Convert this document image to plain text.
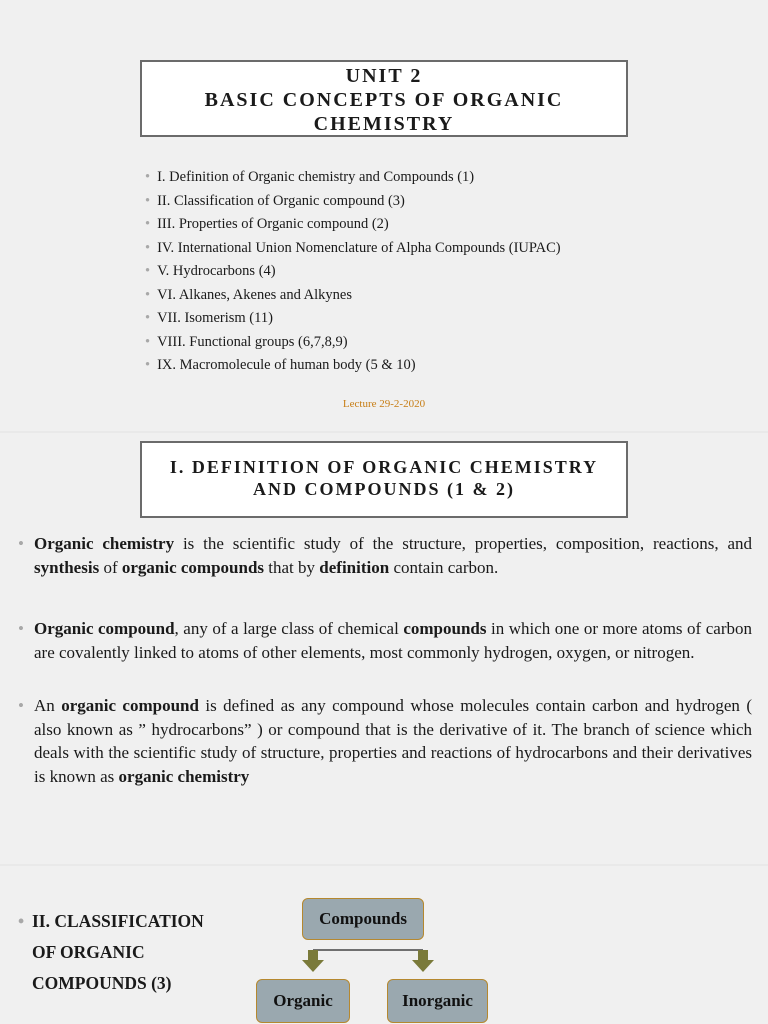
UNIT 2
BASIC CONCEPTS OF ORGANIC
CHEMISTRY
• I. Definition of Organic chemistry and Compounds (1)
• II. Classification of Organic compound (3)
• III. Properties of Organic compound (2)
• IV. International Union Nomenclature of Alpha Compounds (IUPAC)
• V. Hydrocarbons (4)
• VI. Alkanes, Akenes and Alkynes
• VII. Isomerism (11)
• VIII. Functional groups (6,7,8,9)
• IX. Macromolecule of human body (5 & 10)
Lecture 29-2-2020
I. DEFINITION OF ORGANIC CHEMISTRY
AND COMPOUNDS (1 & 2)
• Organic chemistry is the scientific study of the structure, properties, composition, reactions, and synthesis of organic compounds that by definition contain carbon.
• Organic compound, any of a large class of chemical compounds in which one or more atoms of carbon are covalently linked to atoms of other elements, most commonly hydrogen, oxygen, or nitrogen.
• An organic compound is defined as any compound whose molecules contain carbon and hydrogen ( also known as ” hydrocarbons” ) or compound that is the derivative of it. The branch of science which deals with the scientific study of structure, properties and reactions of hydrocarbons and their derivatives is known as organic chemistry
• II. CLASSIFICATION
OF ORGANIC
COMPOUNDS (3)
Compounds
Organic	Inorganic
